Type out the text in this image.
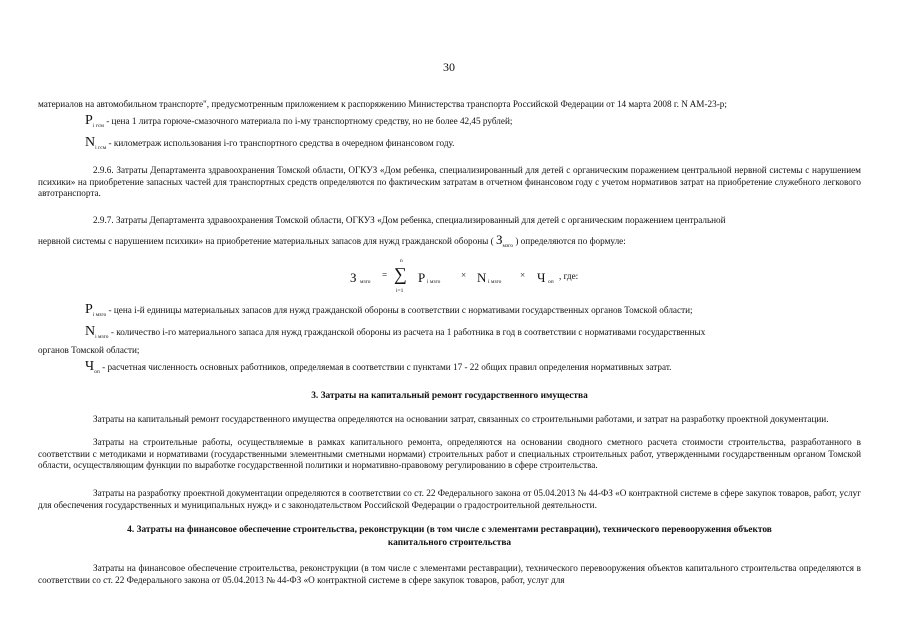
30
материалов на автомобильном транспорте", предусмотренным приложением к распоряжению Министерства транспорта Российской Федерации от 14 марта 2008 г. N AM-23-р;
$P_{i гсм}$ - цена 1 литра горюче-смазочного материала по i-му транспортному средству, но не более 42,45 рублей;
$N_{i гсм}$ - километраж использования i-го транспортного средства в очередном финансовом году.
2.9.6. Затраты Департамента здравоохранения Томской области, ОГКУЗ «Дом ребенка, специализированный для детей с органическим поражением центральной нервной системы с нарушением психики» на приобретение запасных частей для транспортных средств определяются по фактическим затратам в отчетном финансовом году с учетом нормативов затрат на приобретение служебного легкового автотранспорта.
2.9.7. Затраты Департамента здравоохранения Томской области, ОГКУЗ «Дом ребенка, специализированный для детей с органическим поражением центральной
нервной системы с нарушением психики» на приобретение материальных запасов для нужд гражданской обороны ( $З_{мзго}$ ) определяются по формуле:
З мзго
=
n
∑
i=1
P i мзго
× N i мзго
× Ч оп
, где:
$P_{i мзго}$ - цена i-й единицы материальных запасов для нужд гражданской обороны в соответствии с нормативами государственных органов Томской области;
$N_{i мзго}$ - количество i-го материального запаса для нужд гражданской обороны из расчета на 1 работника в год в соответствии с нормативами государственных
органов Томской области;
$Ч_{оп}$ - расчетная численность основных работников, определяемая в соответствии с пунктами 17 - 22 общих правил определения нормативных затрат.
3. Затраты на капитальный ремонт государственного имущества
Затраты на капитальный ремонт государственного имущества определяются на основании затрат, связанных со строительными работами, и затрат на разработку проектной документации.
Затраты на строительные работы, осуществляемые в рамках капитального ремонта, определяются на основании сводного сметного расчета стоимости строительства, разработанного в соответствии с методиками и нормативами (государственными элементными сметными нормами) строительных работ и специальных строительных работ, утвержденными государственным органом Томской области, осуществляющим функции по выработке государственной политики и нормативно-правовому регулированию в сфере строительства.
Затраты на разработку проектной документации определяются в соответствии со ст. 22 Федерального закона от 05.04.2013 № 44-ФЗ «О контрактной системе в сфере закупок товаров, работ, услуг для обеспечения государственных и муниципальных нужд» и с законодательством Российской Федерации о градостроительной деятельности.
4. Затраты на финансовое обеспечение строительства, реконструкции (в том числе с элементами реставрации), технического перевооружения объектов
капитального строительства
Затраты на финансовое обеспечение строительства, реконструкции (в том числе с элементами реставрации), технического перевооружения объектов капитального строительства определяются в соответствии со ст. 22 Федерального закона от 05.04.2013 № 44-ФЗ «О контрактной системе в сфере закупок товаров, работ, услуг для
